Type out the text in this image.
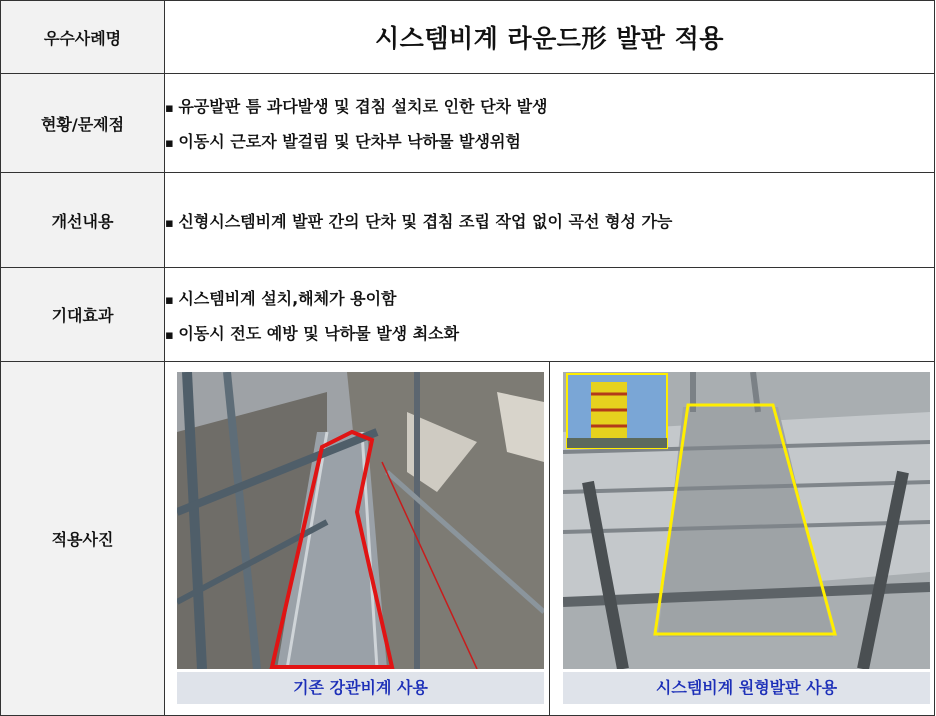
우수사례명	시스템비계 라운드形 발판 적용
현황/문제점	▪ 유공발판 틈 과다발생 및 겹침 설치로 인한 단차 발생
▪ 이동시 근로자 발걸림 및 단차부 낙하물 발생위험

개선내용	▪ 신형시스템비계 발판 간의 단차 및 겹침 조립 작업 없이 곡선 형성 가능

기대효과	▪ 시스템비계 설치,해체가 용이함
▪ 이동시 전도 예방 및 낙하물 발생 최소화

적용사진	기존 강관비계 사용 시스템비계 원형발판 사용
